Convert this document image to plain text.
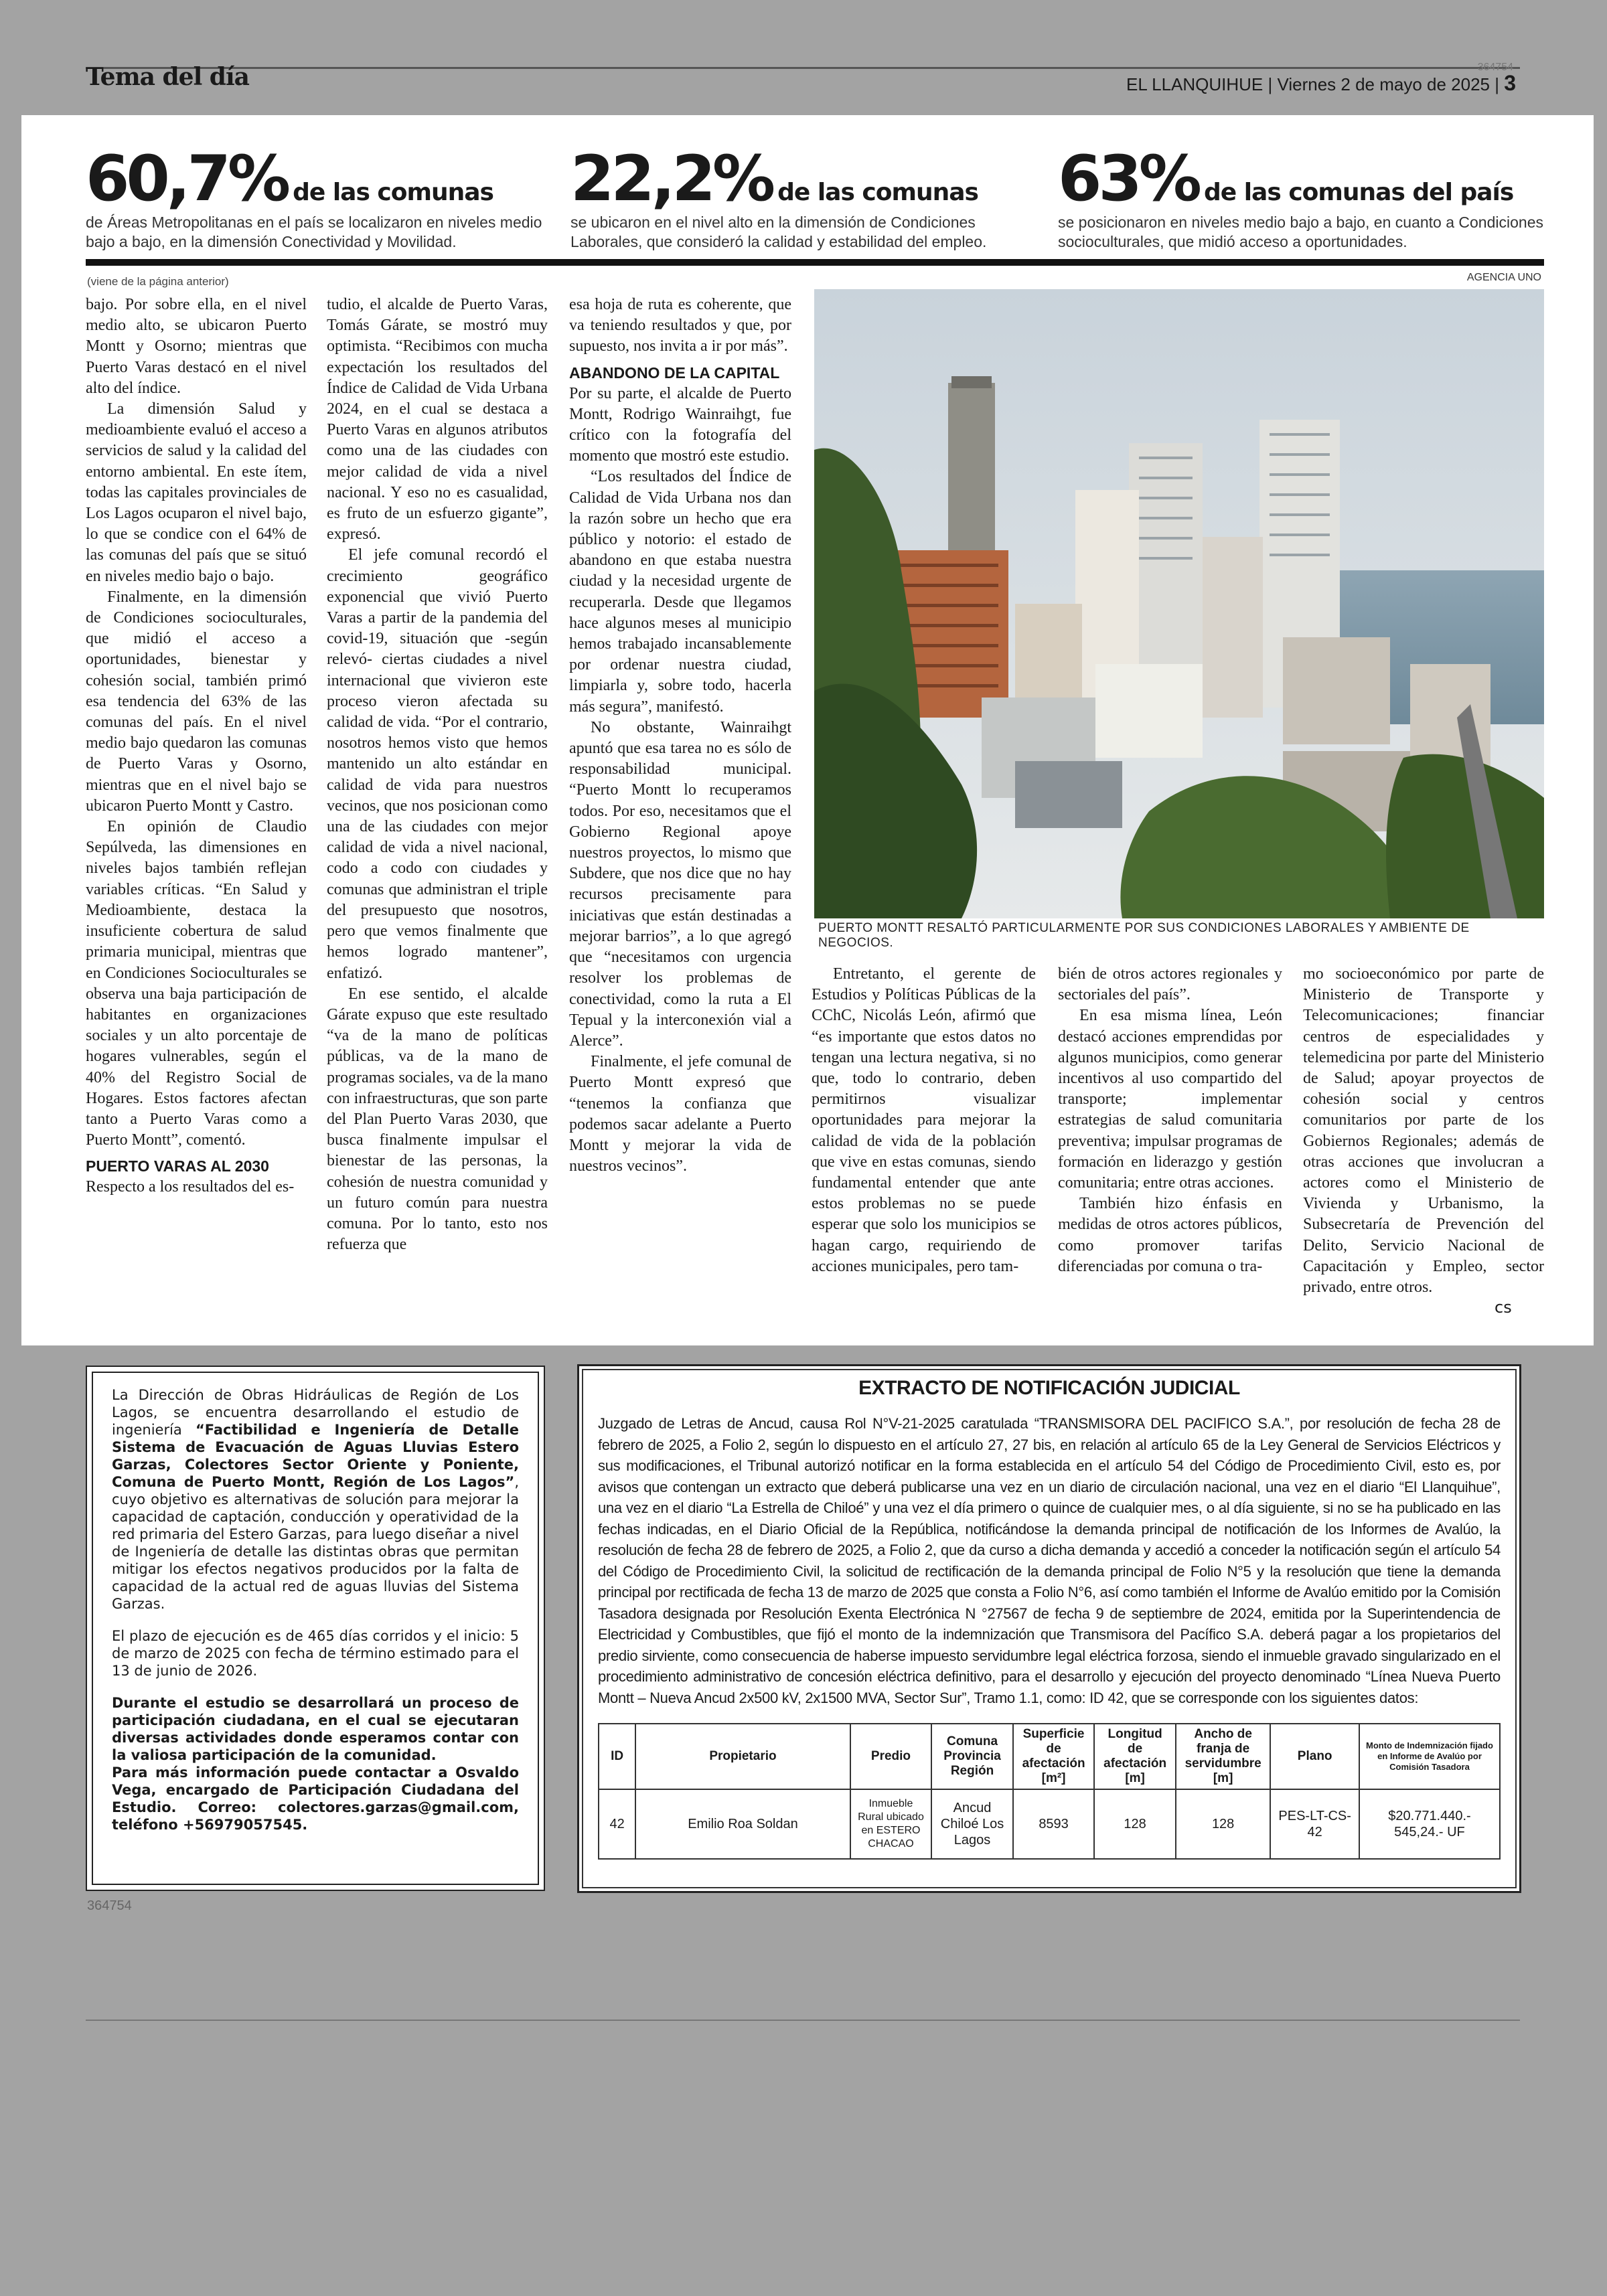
Tema del día	364754
EL LLANQUIHUE | Viernes 2 de mayo de 2025 | 3
60,7% de las comunas
de Áreas Metropolitanas en el país se localizaron en niveles medio bajo a bajo, en la dimensión Conectividad y Movilidad.
22,2% de las comunas
se ubicaron en el nivel alto en la dimensión de Condiciones Laborales, que consideró la calidad y estabilidad del empleo.
63% de las comunas del país
se posicionaron en niveles medio bajo a bajo, en cuanto a Condiciones socioculturales, que midió acceso a oportunidades.
(viene de la página anterior)	AGENCIA UNO

bajo. Por sobre ella, en el nivel medio alto, se ubicaron Puerto Montt y Osorno; mientras que Puerto Varas destacó en el nivel alto del índice.

La dimensión Salud y medioambiente evaluó el acceso a servicios de salud y la calidad del entorno ambiental. En este ítem, todas las capitales provinciales de Los Lagos ocuparon el nivel bajo, lo que se condice con el 64% de las comunas del país que se situó en niveles medio bajo o bajo.

Finalmente, en la dimensión de Condiciones socioculturales, que midió el acceso a oportunidades, bienestar y cohesión social, también primó esa tendencia del 63% de las comunas del país. En el nivel medio bajo quedaron las comunas de Puerto Varas y Osorno, mientras que en el nivel bajo se ubicaron Puerto Montt y Castro.

En opinión de Claudio Sepúlveda, las dimensiones en niveles bajos también reflejan variables críticas. “En Salud y Medioambiente, destaca la insuficiente cobertura de salud primaria municipal, mientras que en Condiciones Socioculturales se observa una baja participación de habitantes en organizaciones sociales y un alto porcentaje de hogares vulnerables, según el 40% del Registro Social de Hogares. Estos factores afectan tanto a Puerto Varas como a Puerto Montt”, comentó.

PUERTO VARAS AL 2030

Respecto a los resultados del es-

tudio, el alcalde de Puerto Varas, Tomás Gárate, se mostró muy optimista. “Recibimos con mucha expectación los resultados del Índice de Calidad de Vida Urbana 2024, en el cual se destaca a Puerto Varas en algunos atributos como una de las ciudades con mejor calidad de vida a nivel nacional. Y eso no es casualidad, es fruto de un esfuerzo gigante”, expresó.

El jefe comunal recordó el crecimiento geográfico exponencial que vivió Puerto Varas a partir de la pandemia del covid-19, situación que -según relevó- ciertas ciudades a nivel internacional que vivieron este proceso vieron afectada su calidad de vida. “Por el contrario, nosotros hemos visto que hemos mantenido un alto estándar en calidad de vida para nuestros vecinos, que nos posicionan como una de las ciudades con mejor calidad de vida a nivel nacional, codo a codo con ciudades y comunas que administran el triple del presupuesto que nosotros, pero que vemos finalmente que hemos logrado mantener”, enfatizó.

En ese sentido, el alcalde Gárate expuso que este resultado “va de la mano de políticas públicas, va de la mano de programas sociales, va de la mano con infraestructuras, que son parte del Plan Puerto Varas 2030, que busca finalmente impulsar el bienestar de las personas, la cohesión de nuestra comunidad y un futuro común para nuestra comuna. Por lo tanto, esto nos refuerza que

esa hoja de ruta es coherente, que va teniendo resultados y que, por supuesto, nos invita a ir por más”.

ABANDONO DE LA CAPITAL

Por su parte, el alcalde de Puerto Montt, Rodrigo Wainraihgt, fue crítico con la fotografía del momento que mostró este estudio.

“Los resultados del Índice de Calidad de Vida Urbana nos dan la razón sobre un hecho que era público y notorio: el estado de abandono en que estaba nuestra ciudad y la necesidad urgente de recuperarla. Desde que llegamos hace algunos meses al municipio hemos trabajado incansablemente por ordenar nuestra ciudad, limpiarla y, sobre todo, hacerla más segura”, manifestó.

No obstante, Wainraihgt apuntó que esa tarea no es sólo de responsabilidad municipal. “Puerto Montt lo recuperamos todos. Por eso, necesitamos que el Gobierno Regional apoye nuestros proyectos, lo mismo que Subdere, que nos dice que no hay recursos precisamente para iniciativas que están destinadas a mejorar barrios”, a lo que agregó que “necesitamos con urgencia resolver los problemas de conectividad, como la ruta a El Tepual y la interconexión vial a Alerce”.

Finalmente, el jefe comunal de Puerto Montt expresó que “tenemos la confianza que podemos sacar adelante a Puerto Montt y mejorar la vida de nuestros vecinos”.

PUERTO MONTT RESALTÓ PARTICULARMENTE POR SUS CONDICIONES LABORALES Y AMBIENTE DE NEGOCIOS.

Entretanto, el gerente de Estudios y Políticas Públicas de la CChC, Nicolás León, afirmó que “es importante que estos datos no tengan una lectura negativa, si no que, todo lo contrario, deben permitirnos visualizar oportunidades para mejorar la calidad de vida de la población que vive en estas comunas, siendo fundamental entender que ante estos problemas no se puede esperar que solo los municipios se hagan cargo, requiriendo de acciones municipales, pero tam-

bién de otros actores regionales y sectoriales del país”.

En esa misma línea, León destacó acciones emprendidas por algunos municipios, como generar incentivos al uso compartido del transporte; implementar estrategias de salud comunitaria preventiva; impulsar programas de formación en liderazgo y gestión comunitaria; entre otras acciones.

También hizo énfasis en medidas de otros actores públicos, como promover tarifas diferenciadas por comuna o tra-

mo socioeconómico por parte de Ministerio de Transporte y Telecomunicaciones; financiar centros de especialidades y telemedicina por parte del Ministerio de Salud; apoyar proyectos de cohesión social y centros comunitarios por parte de los Gobiernos Regionales; además de otras acciones que involucran a actores como el Ministerio de Vivienda y Urbanismo, la Subsecretaría de Prevención del Delito, Servicio Nacional de Capacitación y Empleo, sector privado, entre otros.

cs

La Dirección de Obras Hidráulicas de Región de Los Lagos, se encuentra desarrollando el estudio de ingeniería “Factibilidad e Ingeniería de Detalle Sistema de Evacuación de Aguas Lluvias Estero Garzas, Colectores Sector Oriente y Poniente, Comuna de Puerto Montt, Región de Los Lagos”, cuyo objetivo es alternativas de solución para mejorar la capacidad de captación, conducción y operatividad de la red primaria del Estero Garzas, para luego diseñar a nivel de Ingeniería de detalle las distintas obras que permitan mitigar los efectos negativos producidos por la falta de capacidad de la actual red de aguas lluvias del Sistema Garzas.

El plazo de ejecución es de 465 días corridos y el inicio: 5 de marzo de 2025 con fecha de término estimado para el 13 de junio de 2026.

Durante el estudio se desarrollará un proceso de participación ciudadana, en el cual se ejecutaran diversas actividades donde esperamos contar con la valiosa participación de la comunidad.

Para más información puede contactar a Osvaldo Vega, encargado de Participación Ciudadana del Estudio. Correo: colectores.garzas@gmail.com, teléfono +56979057545.

364754
EXTRACTO DE NOTIFICACIÓN JUDICIAL
Juzgado de Letras de Ancud, causa Rol N°V-21-2025 caratulada “TRANSMISORA DEL PACIFICO S.A.”, por resolución de fecha 28 de febrero de 2025, a Folio 2, según lo dispuesto en el artículo 27, 27 bis, en relación al artículo 65 de la Ley General de Servicios Eléctricos y sus modificaciones, el Tribunal autorizó notificar en la forma establecida en el artículo 54 del Código de Procedimiento Civil, esto es, por avisos que contengan un extracto que deberá publicarse una vez en un diario de circulación nacional, una vez en el diario “El Llanquihue”, una vez en el diario “La Estrella de Chiloé” y una vez el día primero o quince de cualquier mes, o al día siguiente, si no se ha publicado en las fechas indicadas, en el Diario Oficial de la República, notificándose la demanda principal de notificación de los Informes de Avalúo, la resolución de fecha 28 de febrero de 2025, a Folio 2, que da curso a dicha demanda y accedió a conceder la notificación según el artículo 54 del Código de Procedimiento Civil, la solicitud de rectificación de la demanda principal de Folio N°5 y la resolución que tiene la demanda principal por rectificada de fecha 13 de marzo de 2025 que consta a Folio N°6, así como también el Informe de Avalúo emitido por la Comisión Tasadora designada por Resolución Exenta Electrónica N °27567 de fecha 9 de septiembre de 2024, emitida por la Superintendencia de Electricidad y Combustibles, que fijó el monto de la indemnización que Transmisora del Pacífico S.A. deberá pagar a los propietarios del predio sirviente, como consecuencia de haberse impuesto servidumbre legal eléctrica forzosa, siendo el inmueble gravado singularizado en el procedimiento administrativo de concesión eléctrica definitivo, para el desarrollo y ejecución del proyecto denominado “Línea Nueva Puerto Montt – Nueva Ancud 2x500 kV, 2x1500 MVA, Sector Sur”, Tramo 1.1, como: ID 42, que se corresponde con los siguientes datos:
ID	Propietario	Predio	Comuna Provincia Región	Superficie de afectación [m²]	Longitud de afectación [m]	Ancho de franja de servidumbre [m]	Plano	Monto de Indemnización fijado en Informe de Avalúo por Comisión Tasadora
42	Emilio Roa Soldan	Inmueble Rural ubicado en ESTERO CHACAO	Ancud Chiloé Los Lagos	8593	128	128	PES-LT-CS-42	$20.771.440.- 545,24.- UF
